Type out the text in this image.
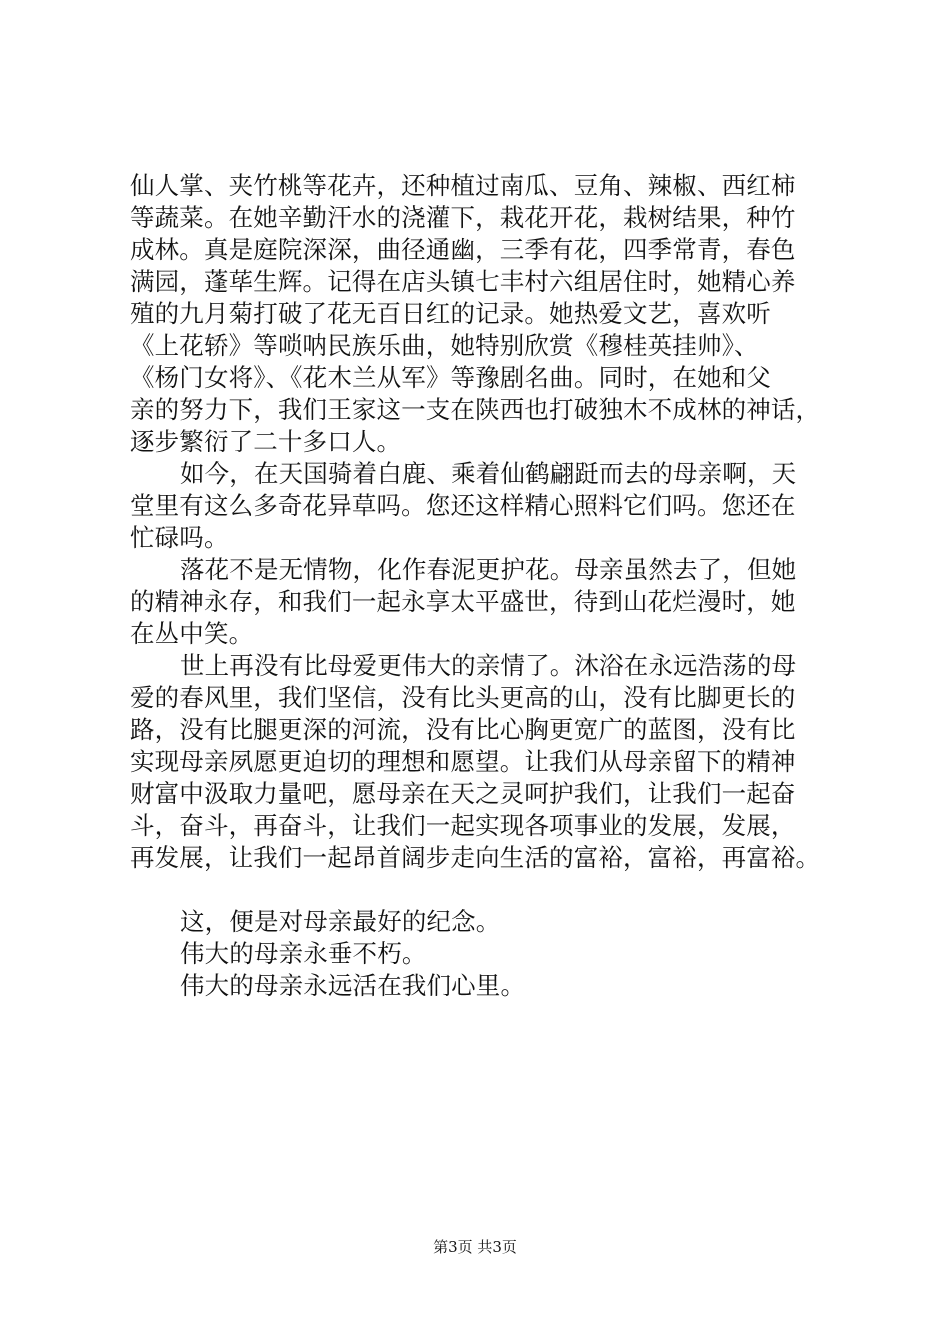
仙人掌、夹竹桃等花卉，还种植过南瓜、豆角、辣椒、西红柿
等蔬菜。在她辛勤汗水的浇灌下，栽花开花，栽树结果，种竹
成林。真是庭院深深，曲径通幽，三季有花，四季常青，春色
满园，蓬荜生辉。记得在店头镇七丰村六组居住时，她精心养
殖的九月菊打破了花无百日红的记录。她热爱文艺，喜欢听
《上花轿》等唢呐民族乐曲，她特别欣赏《穆桂英挂帅》、
《杨门女将》、《花木兰从军》等豫剧名曲。同时，在她和父
亲的努力下，我们王家这一支在陕西也打破独木不成林的神话，
逐步繁衍了二十多口人。
如今，在天国骑着白鹿、乘着仙鹤翩跹而去的母亲啊，天
堂里有这么多奇花异草吗。您还这样精心照料它们吗。您还在
忙碌吗。
落花不是无情物，化作春泥更护花。母亲虽然去了，但她
的精神永存，和我们一起永享太平盛世，待到山花烂漫时，她
在丛中笑。
世上再没有比母爱更伟大的亲情了。沐浴在永远浩荡的母
爱的春风里，我们坚信，没有比头更高的山，没有比脚更长的
路，没有比腿更深的河流，没有比心胸更宽广的蓝图，没有比
实现母亲夙愿更迫切的理想和愿望。让我们从母亲留下的精神
财富中汲取力量吧，愿母亲在天之灵呵护我们，让我们一起奋
斗，奋斗，再奋斗，让我们一起实现各项事业的发展，发展，
再发展，让我们一起昂首阔步走向生活的富裕，富裕，再富裕。
这，便是对母亲最好的纪念。
伟大的母亲永垂不朽。
伟大的母亲永远活在我们心里。
第3页 共3页
